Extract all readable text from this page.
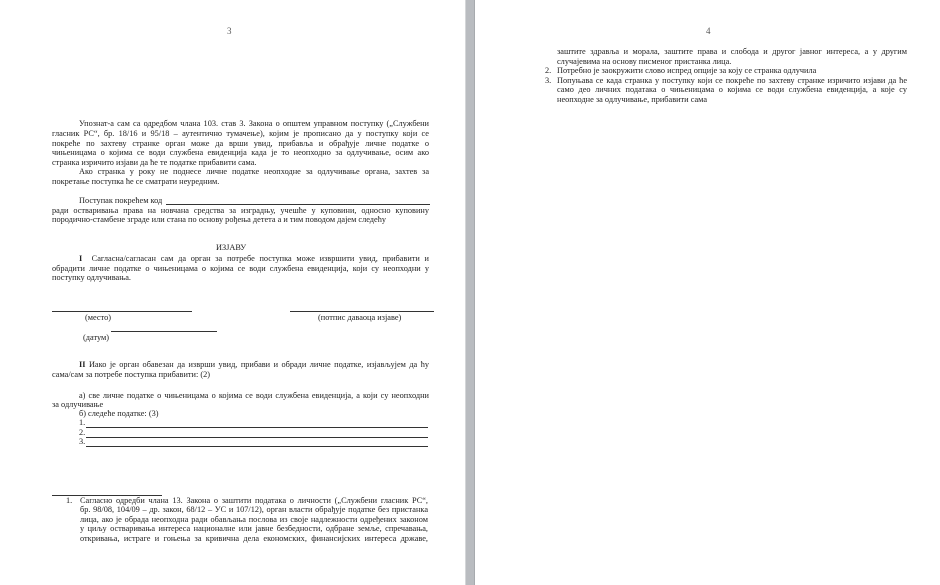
3
Упознат-а сам са одредбом члана 103. став 3. Закона о општем управном поступку („Службени
гласник РС“, бр. 18/16 и 95/18 – аутентично тумачење), којим је прописано да у поступку који се
покреће по захтеву странке орган може да врши увид, прибавља и обрађује личне податке о
чињеницама о којима се води службена евиденција када је то неопходно за одлучивање, осим ако
странка изричито изјави да ће те податке прибавити сама.
Ако странка у року не поднесе личне податке неопходне за одлучивање органа, захтев за
покретање поступка ће се сматрати неуредним.
Поступак покрећем код
ради остваривања права на новчана средства за изградњу, учешће у куповини, односно куповину
породично-стамбене зграде или стана по основу рођења детета а и тим поводом дајем следећу
ИЗЈАВУ
I Сагласна/сагласан сам да орган за потребе поступка може извршити увид, прибавити и
обрадити личне податке о чињеницама о којима се води службена евиденција, који су неопходни у
поступку одлучивања.
(место)	(потпис даваоца изјаве)
(датум)
II Иако је орган обавезан да изврши увид, прибави и обради личне податке, изјављујем да ћу
сама/сам за потребе поступка прибавити: (2)
а) све личне податке о чињеницама о којима се води службена евиденција, а који су неопходни
за одлучивање
б) следеће податке: (3)
1.
2.
3.
1. Сагласно одредби члана 13. Закона о заштити података о личности („Службени гласник РС“,
бр. 98/08, 104/09 – др. закон, 68/12 – УС и 107/12), орган власти обрађује податке без пристанка
лица, ако је обрада неопходна ради обављања послова из своје надлежности одређених законом
у циљу остваривања интереса националне или јавне безбедности, одбране земље, спречавања,
откривања, истраге и гоњења за кривична дела економских, финансијских интереса државе,
4
заштите здравља и морала, заштите права и слобода и другог јавног интереса, а у другим
случајевима на основу писменог пристанка лица.
2. Потребно је заокружити слово испред опције за коју се странка одлучила
3. Попуњава се када странка у поступку који се покреће по захтеву странке изричито изјави да ће
само део личних података о чињеницама о којима се води службена евиденција, а које су
неопходне за одлучивање, прибавити сама
